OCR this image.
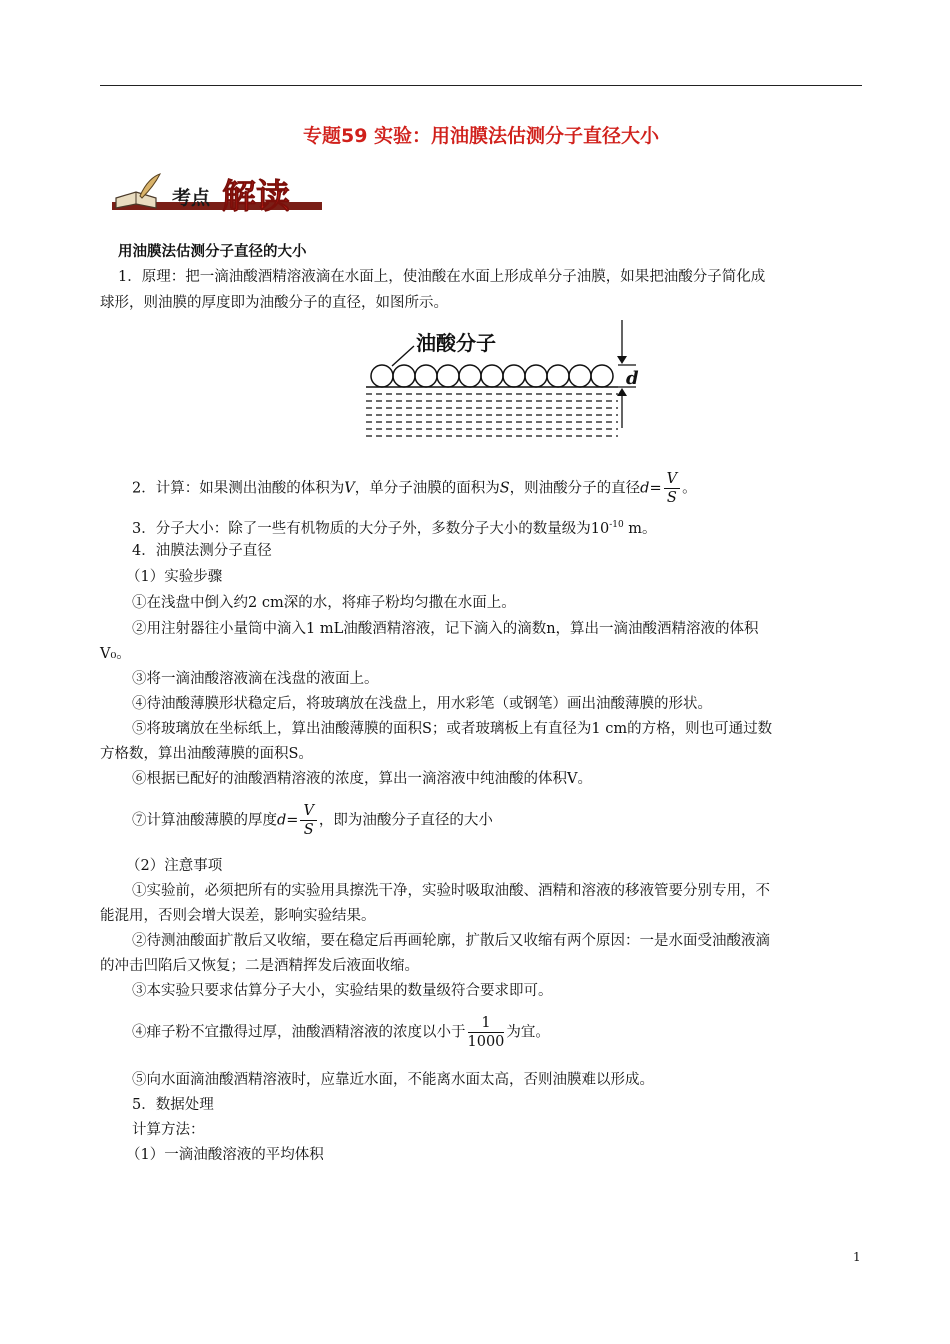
专题59 实验：用油膜法估测分子直径大小
考点 解读
用油膜法估测分子直径的大小
1．原理：把一滴油酸酒精溶液滴在水面上，使油酸在水面上形成单分子油膜，如果把油酸分子简化成
球形，则油膜的厚度即为油酸分子的直径，如图所示。
油酸分子
d
2．计算：如果测出油酸的体积为V，单分子油膜的面积为S，则油酸分子的直径$d= \frac{V}{S}$ 。
3．分子大小：除了一些有机物质的大分子外，多数分子大小的数量级为$10^{-10}$ m。
4．油膜法测分子直径
（1）实验步骤
①在浅盘中倒入约2 cm深的水，将痱子粉均匀撒在水面上。
②用注射器往小量筒中滴入1 mL油酸酒精溶液，记下滴入的滴数n，算出一滴油酸酒精溶液的体积
V₀。
③将一滴油酸溶液滴在浅盘的液面上。
④待油酸薄膜形状稳定后，将玻璃放在浅盘上，用水彩笔（或钢笔）画出油酸薄膜的形状。
⑤将玻璃放在坐标纸上，算出油酸薄膜的面积S；或者玻璃板上有直径为1 cm的方格，则也可通过数
方格数，算出油酸薄膜的面积S。
⑥根据已配好的油酸酒精溶液的浓度，算出一滴溶液中纯油酸的体积V。
⑦计算油酸薄膜的厚度$d= \frac{V}{S}$ ，即为油酸分子直径的大小
（2）注意事项
①实验前，必须把所有的实验用具擦洗干净，实验时吸取油酸、酒精和溶液的移液管要分别专用，不
能混用，否则会增大误差，影响实验结果。
②待测油酸面扩散后又收缩，要在稳定后再画轮廓，扩散后又收缩有两个原因：一是水面受油酸液滴
的冲击凹陷后又恢复；二是酒精挥发后液面收缩。
③本实验只要求估算分子大小，实验结果的数量级符合要求即可。
④痱子粉不宜撒得过厚，油酸酒精溶液的浓度以小于 $\frac{1}{1000}$ 为宜。
⑤向水面滴油酸酒精溶液时，应靠近水面，不能离水面太高，否则油膜难以形成。
5．数据处理
计算方法：
（1）一滴油酸溶液的平均体积
1
